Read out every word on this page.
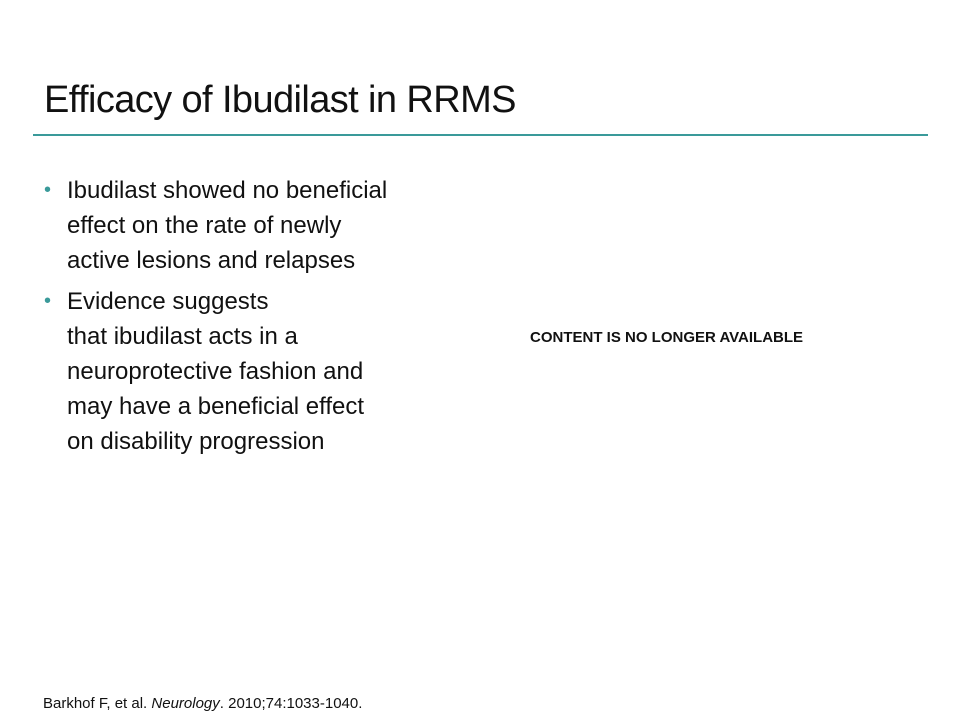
Efficacy of Ibudilast in RRMS
• Ibudilast showed no beneficial
effect on the rate of newly
active lesions and relapses
• Evidence suggests
that ibudilast acts in a
neuroprotective fashion and
may have a beneficial effect
on disability progression
CONTENT IS NO LONGER AVAILABLE
Barkhof F, et al. Neurology. 2010;74:1033-1040.
